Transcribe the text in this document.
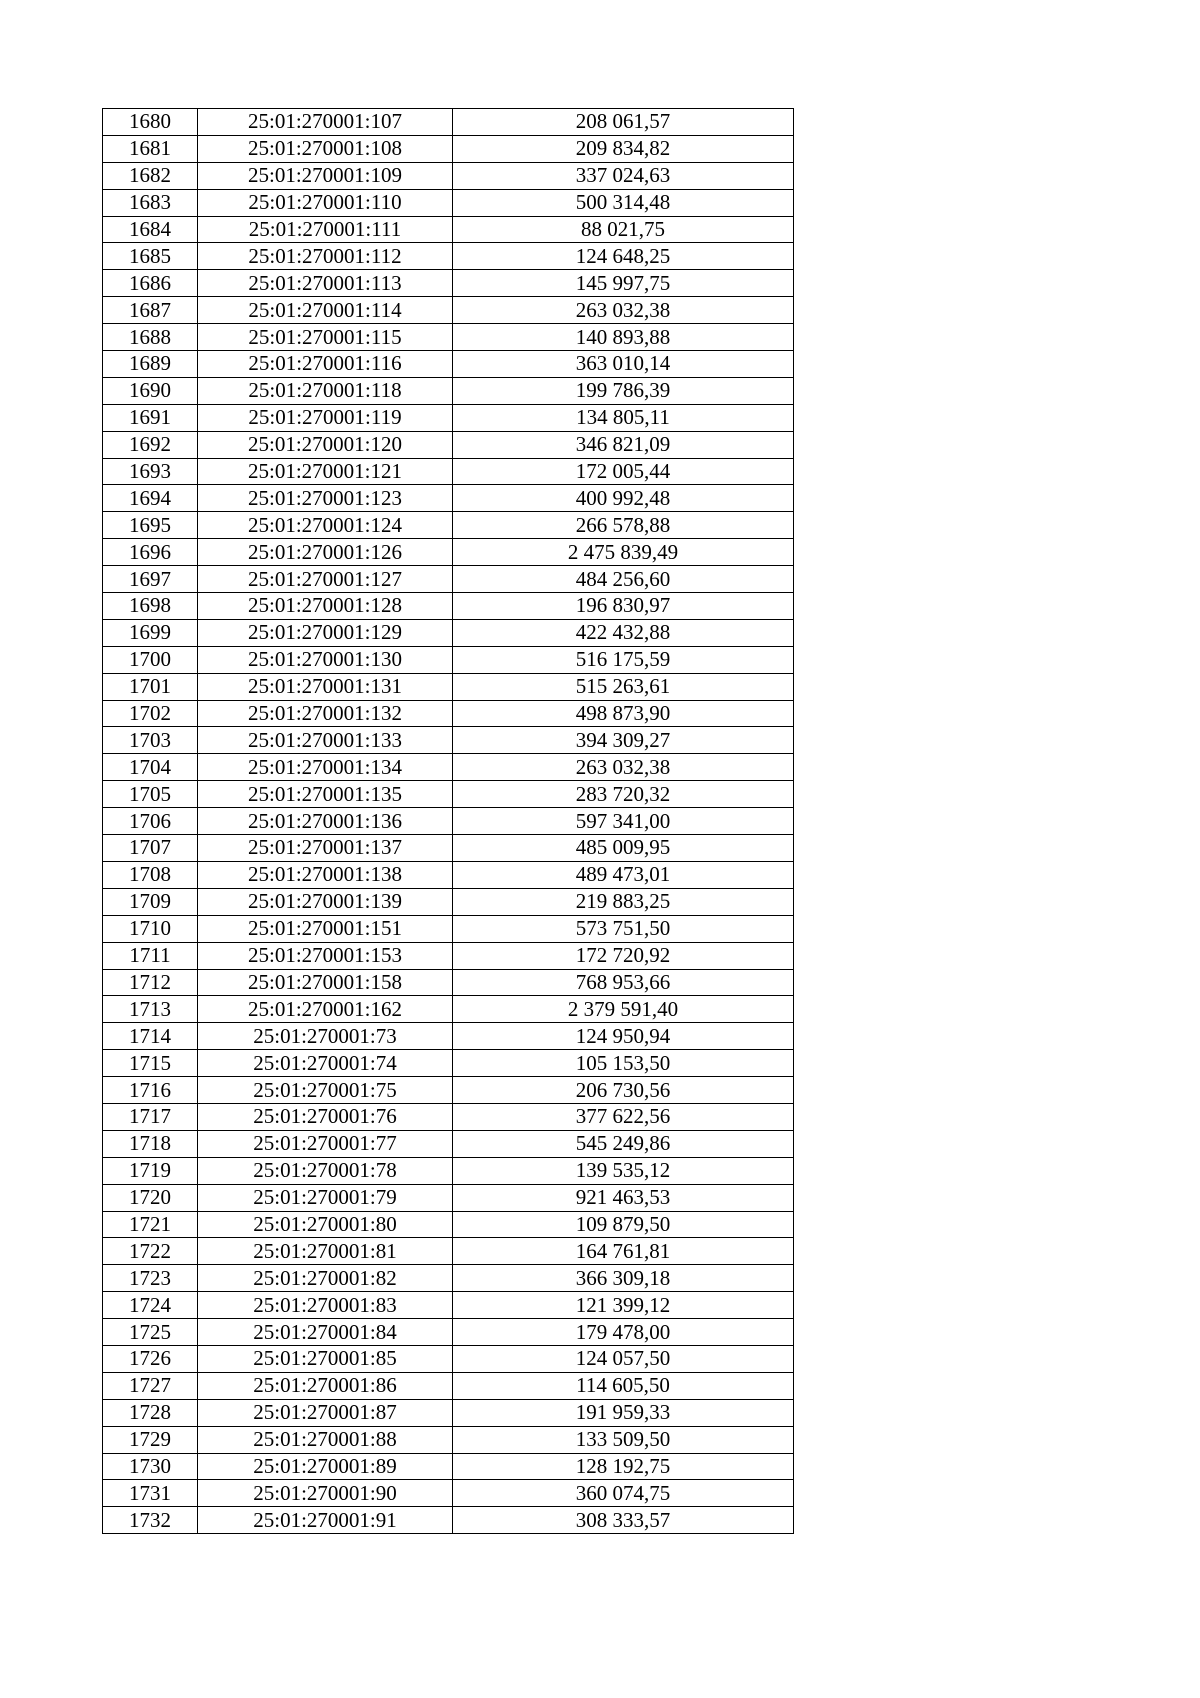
1680	25:01:270001:107	208 061,57
1681	25:01:270001:108	209 834,82
1682	25:01:270001:109	337 024,63
1683	25:01:270001:110	500 314,48
1684	25:01:270001:111	88 021,75
1685	25:01:270001:112	124 648,25
1686	25:01:270001:113	145 997,75
1687	25:01:270001:114	263 032,38
1688	25:01:270001:115	140 893,88
1689	25:01:270001:116	363 010,14
1690	25:01:270001:118	199 786,39
1691	25:01:270001:119	134 805,11
1692	25:01:270001:120	346 821,09
1693	25:01:270001:121	172 005,44
1694	25:01:270001:123	400 992,48
1695	25:01:270001:124	266 578,88
1696	25:01:270001:126	2 475 839,49
1697	25:01:270001:127	484 256,60
1698	25:01:270001:128	196 830,97
1699	25:01:270001:129	422 432,88
1700	25:01:270001:130	516 175,59
1701	25:01:270001:131	515 263,61
1702	25:01:270001:132	498 873,90
1703	25:01:270001:133	394 309,27
1704	25:01:270001:134	263 032,38
1705	25:01:270001:135	283 720,32
1706	25:01:270001:136	597 341,00
1707	25:01:270001:137	485 009,95
1708	25:01:270001:138	489 473,01
1709	25:01:270001:139	219 883,25
1710	25:01:270001:151	573 751,50
1711	25:01:270001:153	172 720,92
1712	25:01:270001:158	768 953,66
1713	25:01:270001:162	2 379 591,40
1714	25:01:270001:73	124 950,94
1715	25:01:270001:74	105 153,50
1716	25:01:270001:75	206 730,56
1717	25:01:270001:76	377 622,56
1718	25:01:270001:77	545 249,86
1719	25:01:270001:78	139 535,12
1720	25:01:270001:79	921 463,53
1721	25:01:270001:80	109 879,50
1722	25:01:270001:81	164 761,81
1723	25:01:270001:82	366 309,18
1724	25:01:270001:83	121 399,12
1725	25:01:270001:84	179 478,00
1726	25:01:270001:85	124 057,50
1727	25:01:270001:86	114 605,50
1728	25:01:270001:87	191 959,33
1729	25:01:270001:88	133 509,50
1730	25:01:270001:89	128 192,75
1731	25:01:270001:90	360 074,75
1732	25:01:270001:91	308 333,57
